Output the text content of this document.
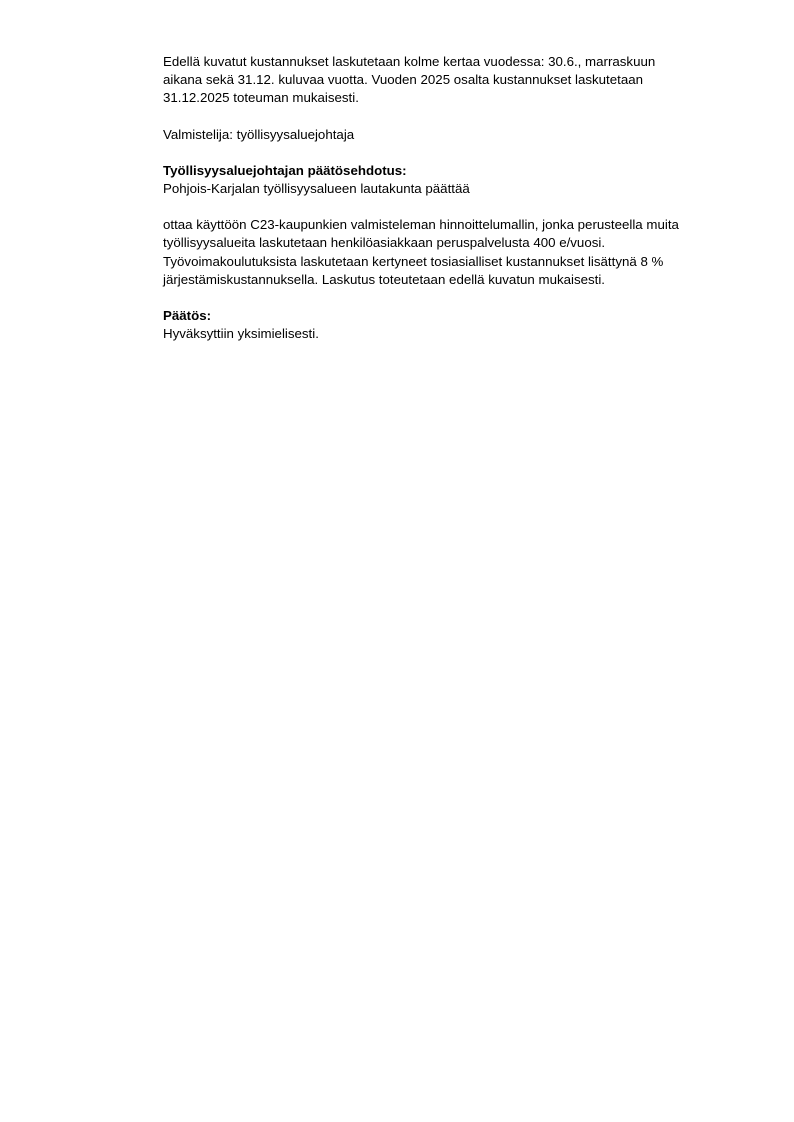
Edellä kuvatut kustannukset laskutetaan kolme kertaa vuodessa: 30.6., marraskuun
aikana sekä 31.12. kuluvaa vuotta. Vuoden 2025 osalta kustannukset laskutetaan
31.12.2025 toteuman mukaisesti.

Valmistelija: työllisyysaluejohtaja

Työllisyysaluejohtajan päätösehdotus:
Pohjois-Karjalan työllisyysalueen lautakunta päättää

ottaa käyttöön C23-kaupunkien valmisteleman hinnoittelumallin, jonka perusteella muita
työllisyysalueita laskutetaan henkilöasiakkaan peruspalvelusta 400 e/vuosi.
Työvoimakoulutuksista laskutetaan kertyneet tosiasialliset kustannukset lisättynä 8 %
järjestämiskustannuksella. Laskutus toteutetaan edellä kuvatun mukaisesti.

Päätös:
Hyväksyttiin yksimielisesti.
